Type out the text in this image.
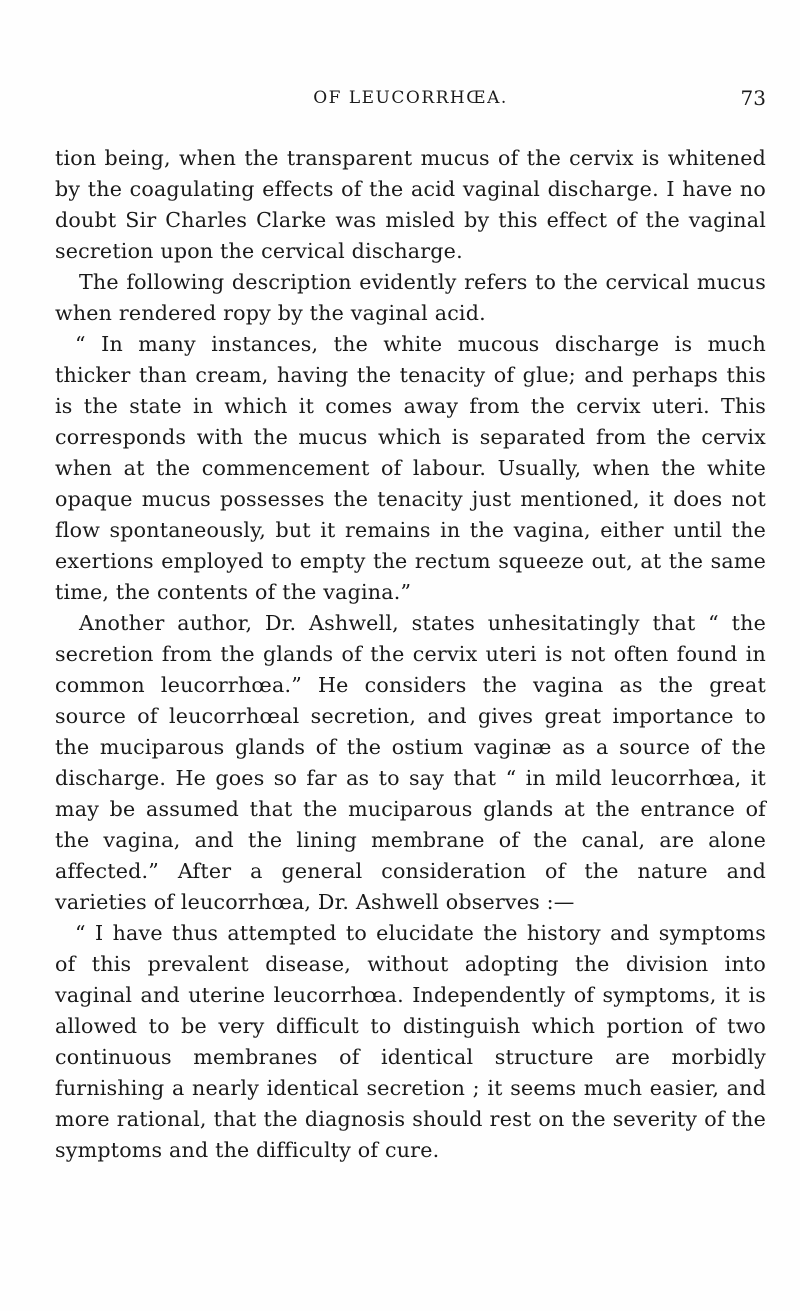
OF LEUCORRHŒA.	73

tion being, when the transparent mucus of the cervix is whitened by the coagulating effects of the acid vaginal discharge. I have no doubt Sir Charles Clarke was misled by this effect of the vaginal secretion upon the cervical discharge.

The following description evidently refers to the cervical mucus when rendered ropy by the vaginal acid.

“ In many instances, the white mucous discharge is much thicker than cream, having the tenacity of glue; and perhaps this is the state in which it comes away from the cervix uteri. This corresponds with the mucus which is separated from the cervix when at the commencement of labour. Usually, when the white opaque mucus possesses the tenacity just mentioned, it does not flow spontaneously, but it remains in the vagina, either until the exertions employed to empty the rectum squeeze out, at the same time, the contents of the vagina.”

Another author, Dr. Ashwell, states unhesitatingly that “ the secretion from the glands of the cervix uteri is not often found in common leucorrhœa.” He considers the vagina as the great source of leucorrhœal secretion, and gives great importance to the muciparous glands of the ostium vaginæ as a source of the discharge. He goes so far as to say that “ in mild leucorrhœa, it may be assumed that the muciparous glands at the entrance of the vagina, and the lining membrane of the canal, are alone affected.” After a general consideration of the nature and varieties of leucorrhœa, Dr. Ashwell observes :—

“ I have thus attempted to elucidate the history and symptoms of this prevalent disease, without adopting the division into vaginal and uterine leucorrhœa. Independently of symptoms, it is allowed to be very difficult to distinguish which portion of two continuous membranes of identical structure are morbidly furnishing a nearly identical secretion ; it seems much easier, and more rational, that the diagnosis should rest on the severity of the symptoms and the difficulty of cure.
